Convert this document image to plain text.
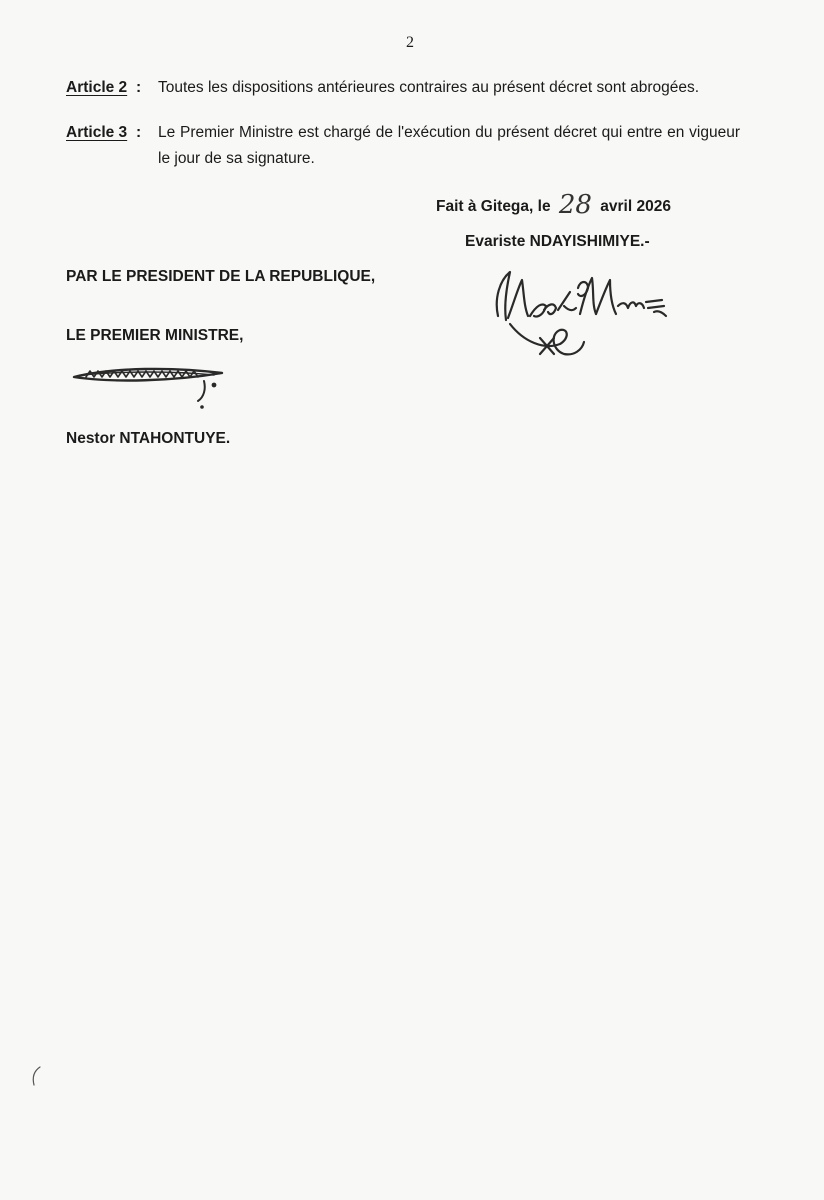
2
Article 2 : Toutes les dispositions antérieures contraires au présent décret sont abrogées.
Article 3 : Le Premier Ministre est chargé de l'exécution du présent décret qui entre en vigueur le jour de sa signature.
Fait à Gitega, le 28 avril 2026
Evariste NDAYISHIMIYE.-
PAR LE PRESIDENT DE LA REPUBLIQUE,
LE PREMIER MINISTRE,
Nestor NTAHONTUYE.
